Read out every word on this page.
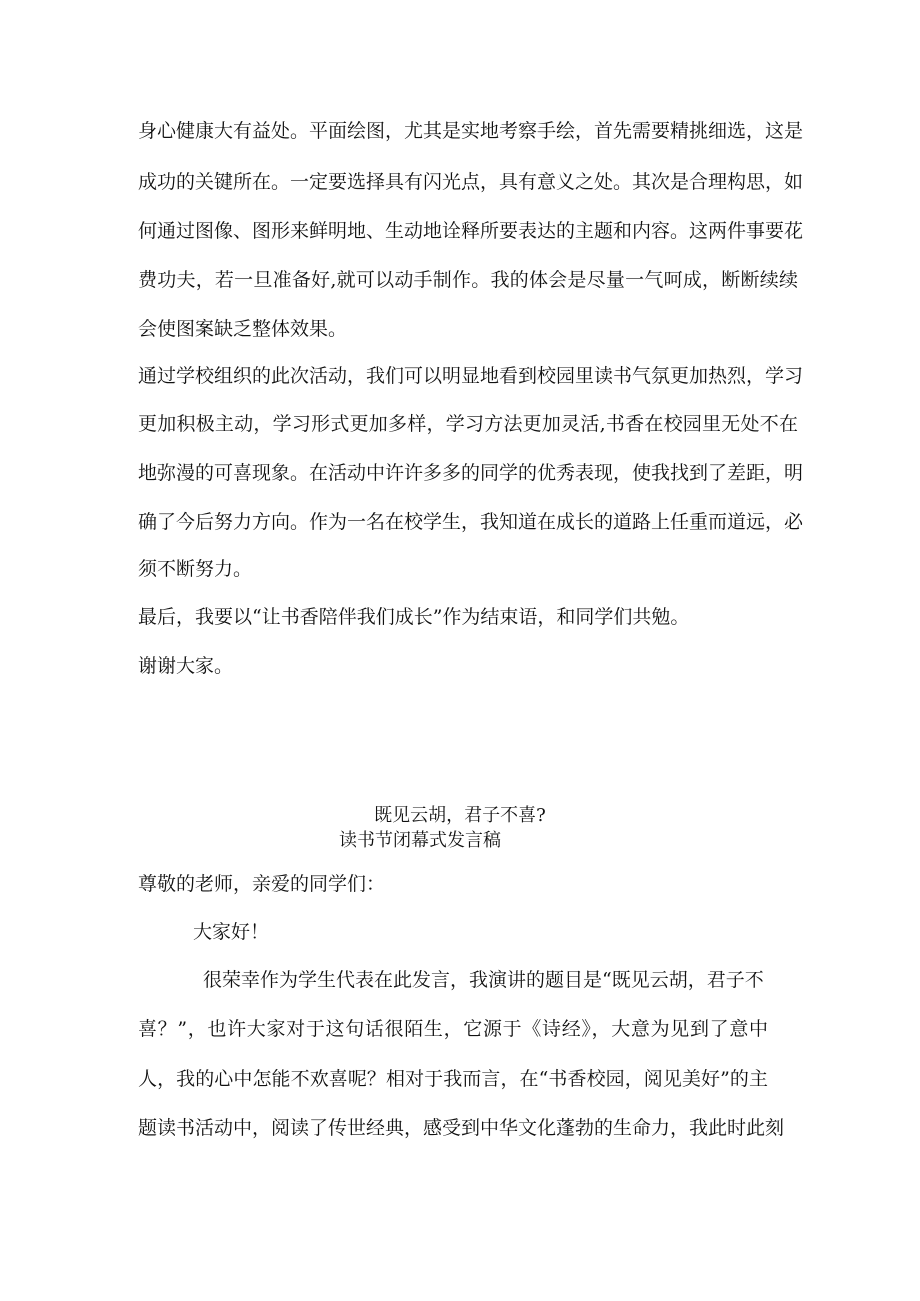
身心健康大有益处。平面绘图，尤其是实地考察手绘，首先需要精挑细选，这是
成功的关键所在。一定要选择具有闪光点，具有意义之处。其次是合理构思，如
何通过图像、图形来鲜明地、生动地诠释所要表达的主题和内容。这两件事要花
费功夫，若一旦准备好,就可以动手制作。我的体会是尽量一气呵成，断断续续
会使图案缺乏整体效果。
通过学校组织的此次活动，我们可以明显地看到校园里读书气氛更加热烈，学习
更加积极主动，学习形式更加多样，学习方法更加灵活,书香在校园里无处不在
地弥漫的可喜现象。在活动中许许多多的同学的优秀表现，使我找到了差距，明
确了今后努力方向。作为一名在校学生，我知道在成长的道路上任重而道远，必
须不断努力。
最后，我要以“让书香陪伴我们成长”作为结束语，和同学们共勉。
谢谢大家。
既见云胡，君子不喜?
读书节闭幕式发言稿
尊敬的老师，亲爱的同学们：
大家好！
很荣幸作为学生代表在此发言，我演讲的题目是“既见云胡，君子不
喜？”，也许大家对于这句话很陌生，它源于《诗经》，大意为见到了意中
人，我的心中怎能不欢喜呢？相对于我而言，在“书香校园，阅见美好”的主
题读书活动中，阅读了传世经典，感受到中华文化蓬勃的生命力，我此时此刻
